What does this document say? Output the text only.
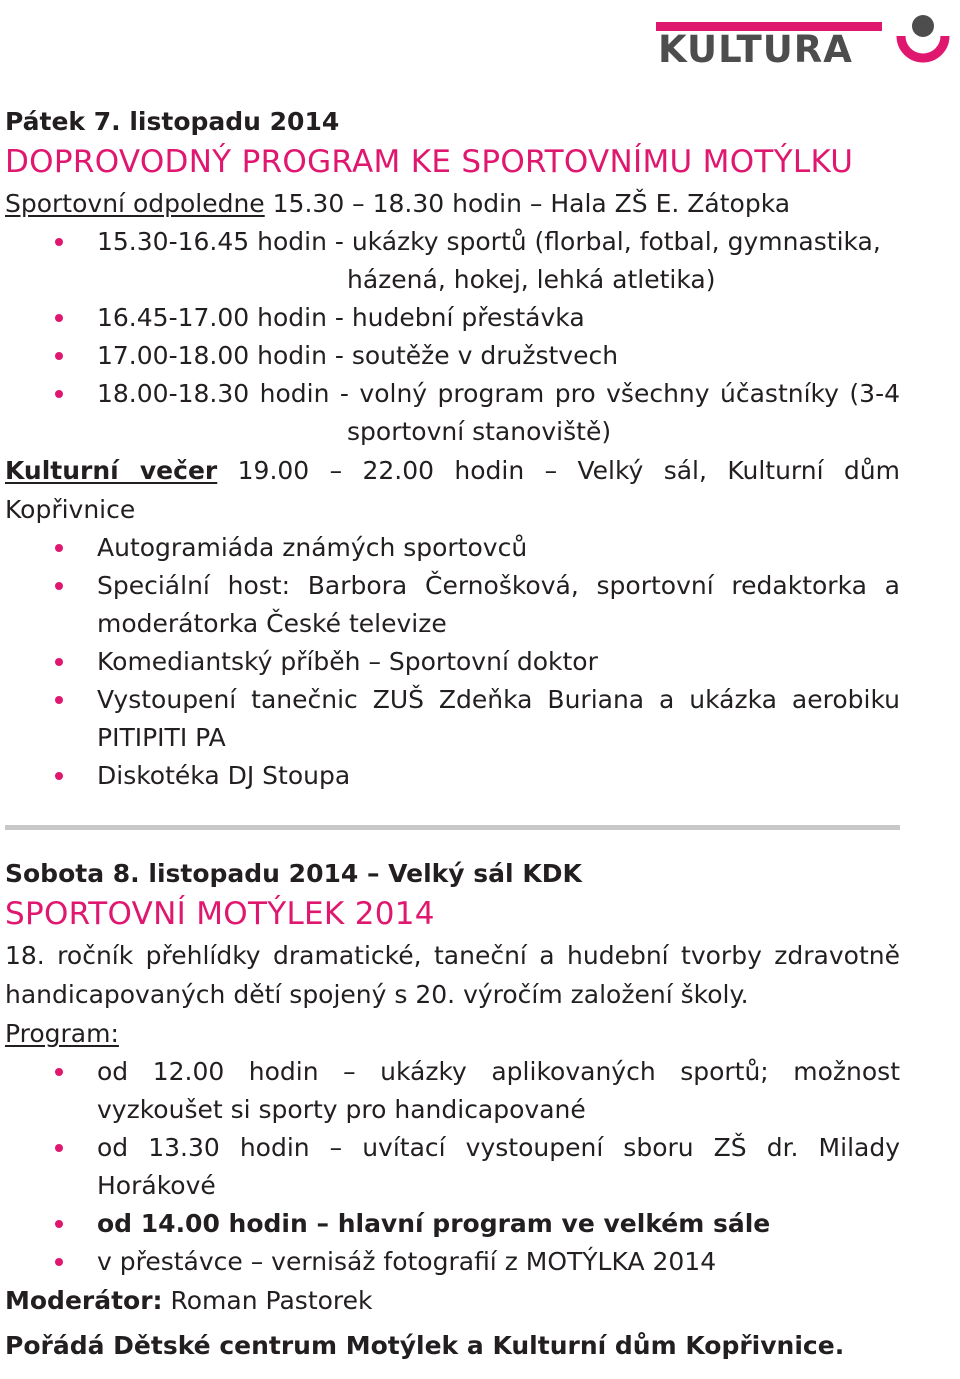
KULTURA

Pátek 7. listopadu 2014

DOPROVODNÝ PROGRAM KE SPORTOVNÍMU MOTÝLKU

Sportovní odpoledne 15.30 – 18.30 hodin – Hala ZŠ E. Zátopka

15.30-16.45 hodin - ukázky sportů (florbal, fotbal, gymnastika,

házená, hokej, lehká atletika)
16.45-17.00 hodin - hudební přestávka
17.00-18.00 hodin - soutěže v družstvech
18.00-18.30 hodin - volný program pro všechny účastníky (3-4
sportovní stanoviště)

Kulturní večer 19.00 – 22.00 hodin – Velký sál, Kulturní dům

Kopřivnice

Autogramiáda známých sportovců
Speciální host: Barbora Černošková, sportovní redaktorka a
moderátorka České televize
Komediantský příběh – Sportovní doktor
Vystoupení tanečnic ZUŠ Zdeňka Buriana a ukázka aerobiku
PITIPITI PA
Diskotéka DJ Stoupa

Sobota 8. listopadu 2014 – Velký sál KDK

SPORTOVNÍ MOTÝLEK 2014

18. ročník přehlídky dramatické, taneční a hudební tvorby zdravotně

handicapovaných dětí spojený s 20. výročím založení školy.

Program:

od 12.00 hodin – ukázky aplikovaných sportů; možnost
vyzkoušet si sporty pro handicapované
od 13.30 hodin – uvítací vystoupení sboru ZŠ dr. Milady
Horákové
od 14.00 hodin – hlavní program ve velkém sále
v přestávce – vernisáž fotografií z MOTÝLKA 2014

Moderátor: Roman Pastorek

Pořádá Dětské centrum Motýlek a Kulturní dům Kopřivnice.
